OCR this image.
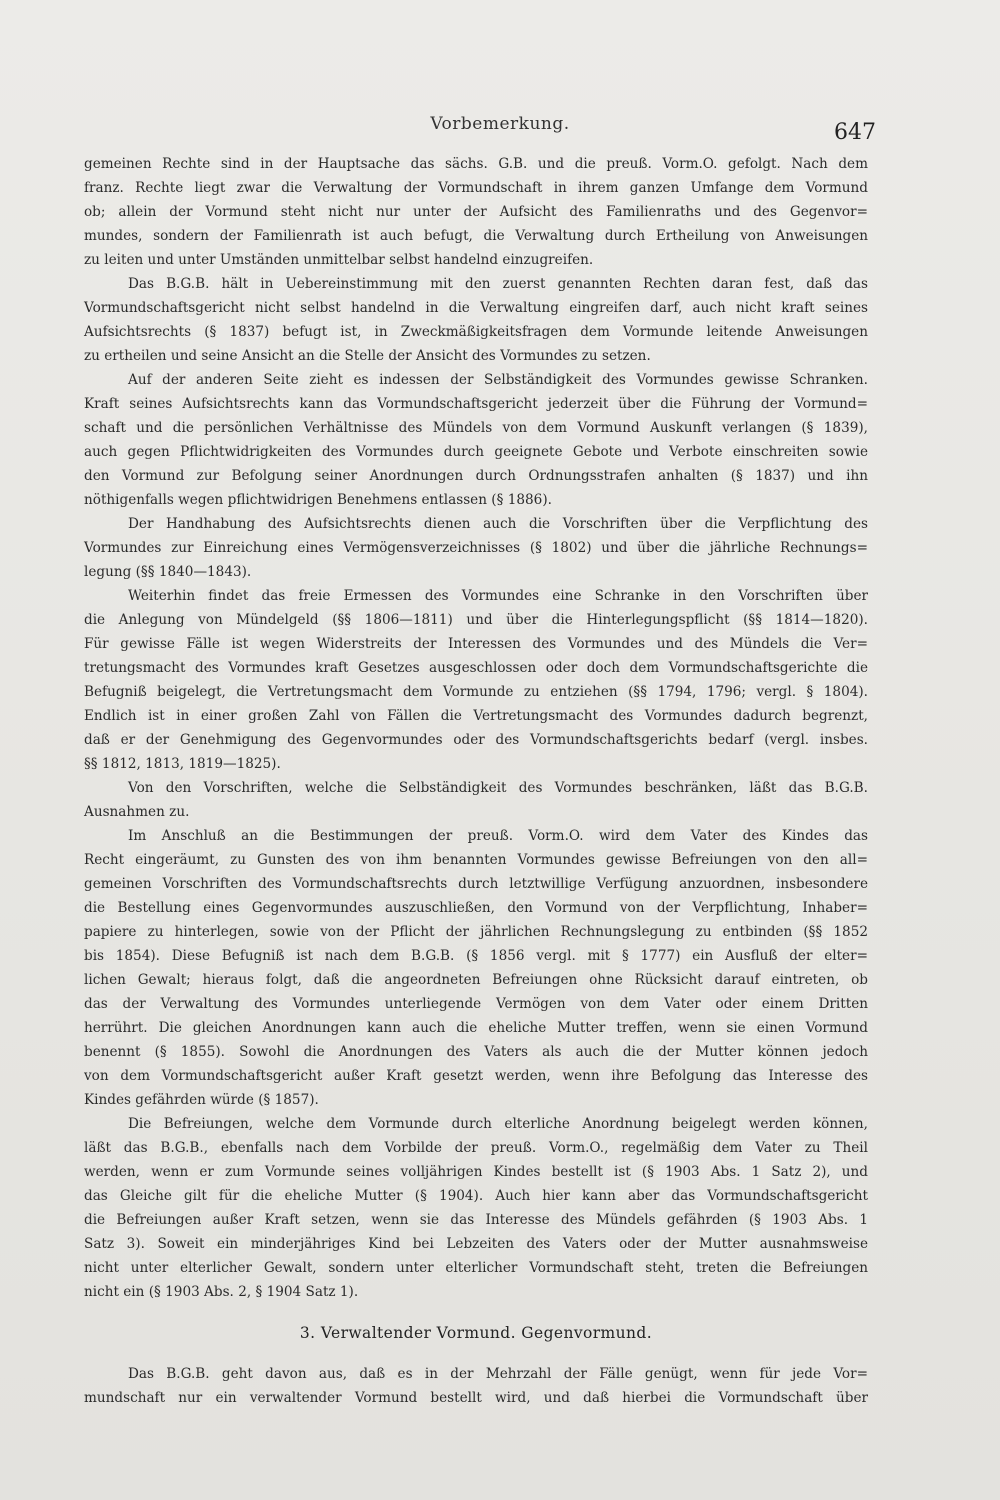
Vorbemerkung.	647
gemeinen Rechte sind in der Hauptsache das sächs. G.B. und die preuß. Vorm.O. gefolgt. Nach dem
franz. Rechte liegt zwar die Verwaltung der Vormundschaft in ihrem ganzen Umfange dem Vormund
ob; allein der Vormund steht nicht nur unter der Aufsicht des Familienraths und des Gegenvor=
mundes, sondern der Familienrath ist auch befugt, die Verwaltung durch Ertheilung von Anweisungen
zu leiten und unter Umständen unmittelbar selbst handelnd einzugreifen.
Das B.G.B. hält in Uebereinstimmung mit den zuerst genannten Rechten daran fest, daß das
Vormundschaftsgericht nicht selbst handelnd in die Verwaltung eingreifen darf, auch nicht kraft seines
Aufsichtsrechts (§ 1837) befugt ist, in Zweckmäßigkeitsfragen dem Vormunde leitende Anweisungen
zu ertheilen und seine Ansicht an die Stelle der Ansicht des Vormundes zu setzen.
Auf der anderen Seite zieht es indessen der Selbständigkeit des Vormundes gewisse Schranken.
Kraft seines Aufsichtsrechts kann das Vormundschaftsgericht jederzeit über die Führung der Vormund=
schaft und die persönlichen Verhältnisse des Mündels von dem Vormund Auskunft verlangen (§ 1839),
auch gegen Pflichtwidrigkeiten des Vormundes durch geeignete Gebote und Verbote einschreiten sowie
den Vormund zur Befolgung seiner Anordnungen durch Ordnungsstrafen anhalten (§ 1837) und ihn
nöthigenfalls wegen pflichtwidrigen Benehmens entlassen (§ 1886).
Der Handhabung des Aufsichtsrechts dienen auch die Vorschriften über die Verpflichtung des
Vormundes zur Einreichung eines Vermögensverzeichnisses (§ 1802) und über die jährliche Rechnungs=
legung (§§ 1840—1843).
Weiterhin findet das freie Ermessen des Vormundes eine Schranke in den Vorschriften über
die Anlegung von Mündelgeld (§§ 1806—1811) und über die Hinterlegungspflicht (§§ 1814—1820).
Für gewisse Fälle ist wegen Widerstreits der Interessen des Vormundes und des Mündels die Ver=
tretungsmacht des Vormundes kraft Gesetzes ausgeschlossen oder doch dem Vormundschaftsgerichte die
Befugniß beigelegt, die Vertretungsmacht dem Vormunde zu entziehen (§§ 1794, 1796; vergl. § 1804).
Endlich ist in einer großen Zahl von Fällen die Vertretungsmacht des Vormundes dadurch begrenzt,
daß er der Genehmigung des Gegenvormundes oder des Vormundschaftsgerichts bedarf (vergl. insbes.
§§ 1812, 1813, 1819—1825).
Von den Vorschriften, welche die Selbständigkeit des Vormundes beschränken, läßt das B.G.B.
Ausnahmen zu.
Im Anschluß an die Bestimmungen der preuß. Vorm.O. wird dem Vater des Kindes das
Recht eingeräumt, zu Gunsten des von ihm benannten Vormundes gewisse Befreiungen von den all=
gemeinen Vorschriften des Vormundschaftsrechts durch letztwillige Verfügung anzuordnen, insbesondere
die Bestellung eines Gegenvormundes auszuschließen, den Vormund von der Verpflichtung, Inhaber=
papiere zu hinterlegen, sowie von der Pflicht der jährlichen Rechnungslegung zu entbinden (§§ 1852
bis 1854). Diese Befugniß ist nach dem B.G.B. (§ 1856 vergl. mit § 1777) ein Ausfluß der elter=
lichen Gewalt; hieraus folgt, daß die angeordneten Befreiungen ohne Rücksicht darauf eintreten, ob
das der Verwaltung des Vormundes unterliegende Vermögen von dem Vater oder einem Dritten
herrührt. Die gleichen Anordnungen kann auch die eheliche Mutter treffen, wenn sie einen Vormund
benennt (§ 1855). Sowohl die Anordnungen des Vaters als auch die der Mutter können jedoch
von dem Vormundschaftsgericht außer Kraft gesetzt werden, wenn ihre Befolgung das Interesse des
Kindes gefährden würde (§ 1857).
Die Befreiungen, welche dem Vormunde durch elterliche Anordnung beigelegt werden können,
läßt das B.G.B., ebenfalls nach dem Vorbilde der preuß. Vorm.O., regelmäßig dem Vater zu Theil
werden, wenn er zum Vormunde seines volljährigen Kindes bestellt ist (§ 1903 Abs. 1 Satz 2), und
das Gleiche gilt für die eheliche Mutter (§ 1904). Auch hier kann aber das Vormundschaftsgericht
die Befreiungen außer Kraft setzen, wenn sie das Interesse des Mündels gefährden (§ 1903 Abs. 1
Satz 3). Soweit ein minderjähriges Kind bei Lebzeiten des Vaters oder der Mutter ausnahmsweise
nicht unter elterlicher Gewalt, sondern unter elterlicher Vormundschaft steht, treten die Befreiungen
nicht ein (§ 1903 Abs. 2, § 1904 Satz 1).
3. Verwaltender Vormund. Gegenvormund.
Das B.G.B. geht davon aus, daß es in der Mehrzahl der Fälle genügt, wenn für jede Vor=
mundschaft nur ein verwaltender Vormund bestellt wird, und daß hierbei die Vormundschaft über
